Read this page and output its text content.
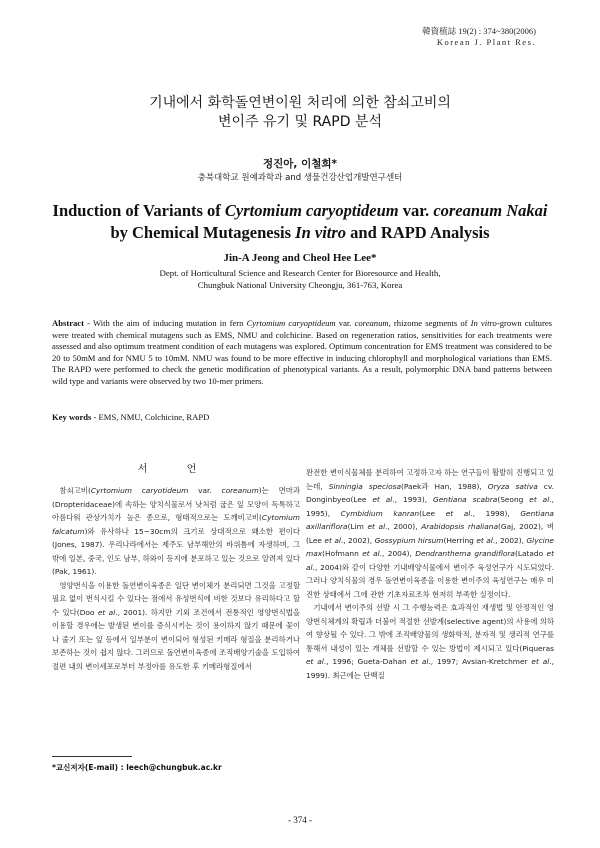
韓資植誌 19(2) : 374~380(2006)
Korean J. Plant Res.
기내에서 화학돌연변이원 처리에 의한 참쇠고비의
변이주 유기 및 RAPD 분석
정진아, 이철희*
충북대학교 원예과학과 and 생물건강산업개발연구센터
Induction of Variants of Cyrtomium caryoptideum var. coreanum Nakai
by Chemical Mutagenesis In vitro and RAPD Analysis
Jin-A Jeong and Cheol Hee Lee*
Dept. of Horticultural Science and Research Center for Bioresource and Health,
Chungbuk National University Cheongju, 361-763, Korea
Abstract - With the aim of inducing mutation in fern Cyrtomium caryoptideum var. coreanum, rhizome segments of In vitro-grown cultures were treated with chemical mutagens such as EMS, NMU and colchicine. Based on regeneration ratios, sensitivities for each treatments were assessed and also optimum treatment condition of each mutagens was explored. Optimum concentration for EMS treatment was considered to be 20 to 50mM and for NMU 5 to 10mM. NMU was found to be more effective in inducing chlorophyll and morphological variations than EMS. The RAPD were performed to check the genetic modification of phenotypical variants. As a result, polymorphic DNA band patterns between wild type and variants were observed by two 10-mer primers.
Key words - EMS, NMU, Colchicine, RAPD
서 언

참쇠고비(Cyrtomium caryotideum var. coreanum)는 면마과(Dropteridaceae)에 속하는 양치식물로서 낫처럼 굽은 잎 모양이 독특하고 아름다워 관상가치가 높은 종으로, 형태적으로는 도깨비고비(Cytomium falcatum)와 유사하나 15~30cm의 크기로 상대적으로 왜소한 편이다(Jones, 1987). 우리나라에서는 제주도 남부해안의 바위틈에 자생하며, 그 밖에 일본, 중국, 인도 남부, 하와이 등지에 분포하고 있는 것으로 알려져 있다(Pak, 1961).

영양번식을 이용한 돌연변이육종은 일단 변이체가 분리되면 그것을 고정할 필요 없이 번식시킬 수 있다는 점에서 유성번식에 비한 것보다 유리하다고 할 수 있다(Doo et al., 2001). 하지만 기외 조건에서 전통적인 영양번식법을 이용할 경우에는 발생된 변이를 증식시키는 것이 용이하지 않기 때문에 꽃이나 줄기 또는 잎 등에서 일부분이 변이되어 형성된 키메라 형질을 분리하거나 보존하는 것이 쉽지 않다. 그러므로 돌연변이육종에 조직배양기술을 도입하여 절편 내의 변이세포로부터 부정아를 유도한 후 키메라형질에서

완전한 변이식물체를 분리하여 고정하고자 하는 연구들이 활발히 진행되고 있는데, Sinningia speciosa(Paek과 Han, 1988), Oryza sativa cv. Donginbyeo(Lee et al., 1993), Gentiana scabra(Seong et al., 1995), Cymbidium kanran(Lee et al., 1998), Gentiana axillariflora(Lim et al., 2000), Arabidopsis rhaliana(Gaj, 2002), 벼(Lee et al., 2002), Gossypium hirsum(Herring et al., 2002), Glycine max(Hofmann et al., 2004), Dendranthema grandiflora(Latado et al., 2004)와 같이 다양한 기내배양식물에서 변이주 육성연구가 시도되었다. 그러나 양치식물의 경우 돌연변이육종을 이용한 변이주의 육성연구는 매우 미진한 상태에서 그에 관한 기초자료조차 현저히 부족한 실정이다.

기내에서 변이주의 선발 시 그 수행능력은 효과적인 재생법 및 안정적인 영양번식체계의 확립과 더불어 적절한 선발계(selective agent)의 사용에 의하여 향상될 수 있다. 그 밖에 조직배양물의 생화학적, 분자적 및 생리적 연구를 통해서 내성이 있는 개체를 선발할 수 있는 방법이 제시되고 있다(Piqueras et al., 1996; Gueta-Dahan et al., 1997; Avsian-Kretchmer et al., 1999). 최근에는 단백질

*교신저자(E-mail) : leech@chungbuk.ac.kr
- 374 -
